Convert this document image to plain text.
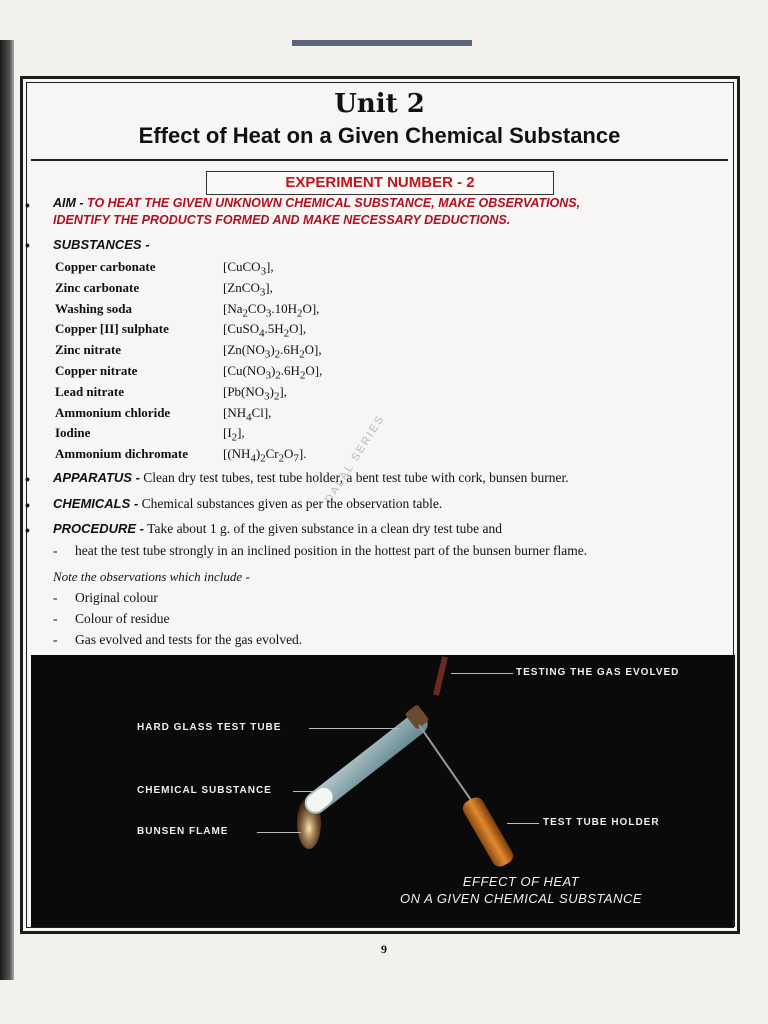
Unit 2
Effect of Heat on a Given Chemical Substance
EXPERIMENT NUMBER - 2
• AIM - TO HEAT THE GIVEN UNKNOWN CHEMICAL SUBSTANCE, MAKE OBSERVATIONS,
IDENTIFY THE PRODUCTS FORMED AND MAKE NECESSARY DEDUCTIONS.
• SUBSTANCES -
Copper carbonate	[CuCO$_3$],
Zinc carbonate	[ZnCO$_3$],
Washing soda	$[Na_2CO_3.10H_2O]$,
Copper [II] sulphate	$[CuSO_4.5H_2O]$,
Zinc nitrate	$[Zn(NO_3)_2.6H_2O]$,
Copper nitrate	$[Cu(NO_3)_2.6H_2O]$,
Lead nitrate	$[Pb(NO_3)_2]$,
Ammonium chloride	$[NH_4Cl]$,
Iodine	$[I_2]$,
Ammonium dichromate	$[(NH_4)_2Cr_2O_7]$. DALAL SERIES
• APPARATUS - Clean dry test tubes, test tube holder, a bent test tube with cork, bunsen burner.
• CHEMICALS - Chemical substances given as per the observation table.
• PROCEDURE - Take about 1 g. of the given substance in a clean dry test tube and
- heat the test tube strongly in an inclined position in the hottest part of the bunsen burner flame.
Note the observations which include -
- Original colour
- Colour of residue
- Gas evolved and tests for the gas evolved.
TESTING THE GAS EVOLVED
HARD GLASS TEST TUBE
CHEMICAL SUBSTANCE
BUNSEN FLAME
TEST TUBE HOLDER
EFFECT OF HEAT
ON A GIVEN CHEMICAL SUBSTANCE
9
